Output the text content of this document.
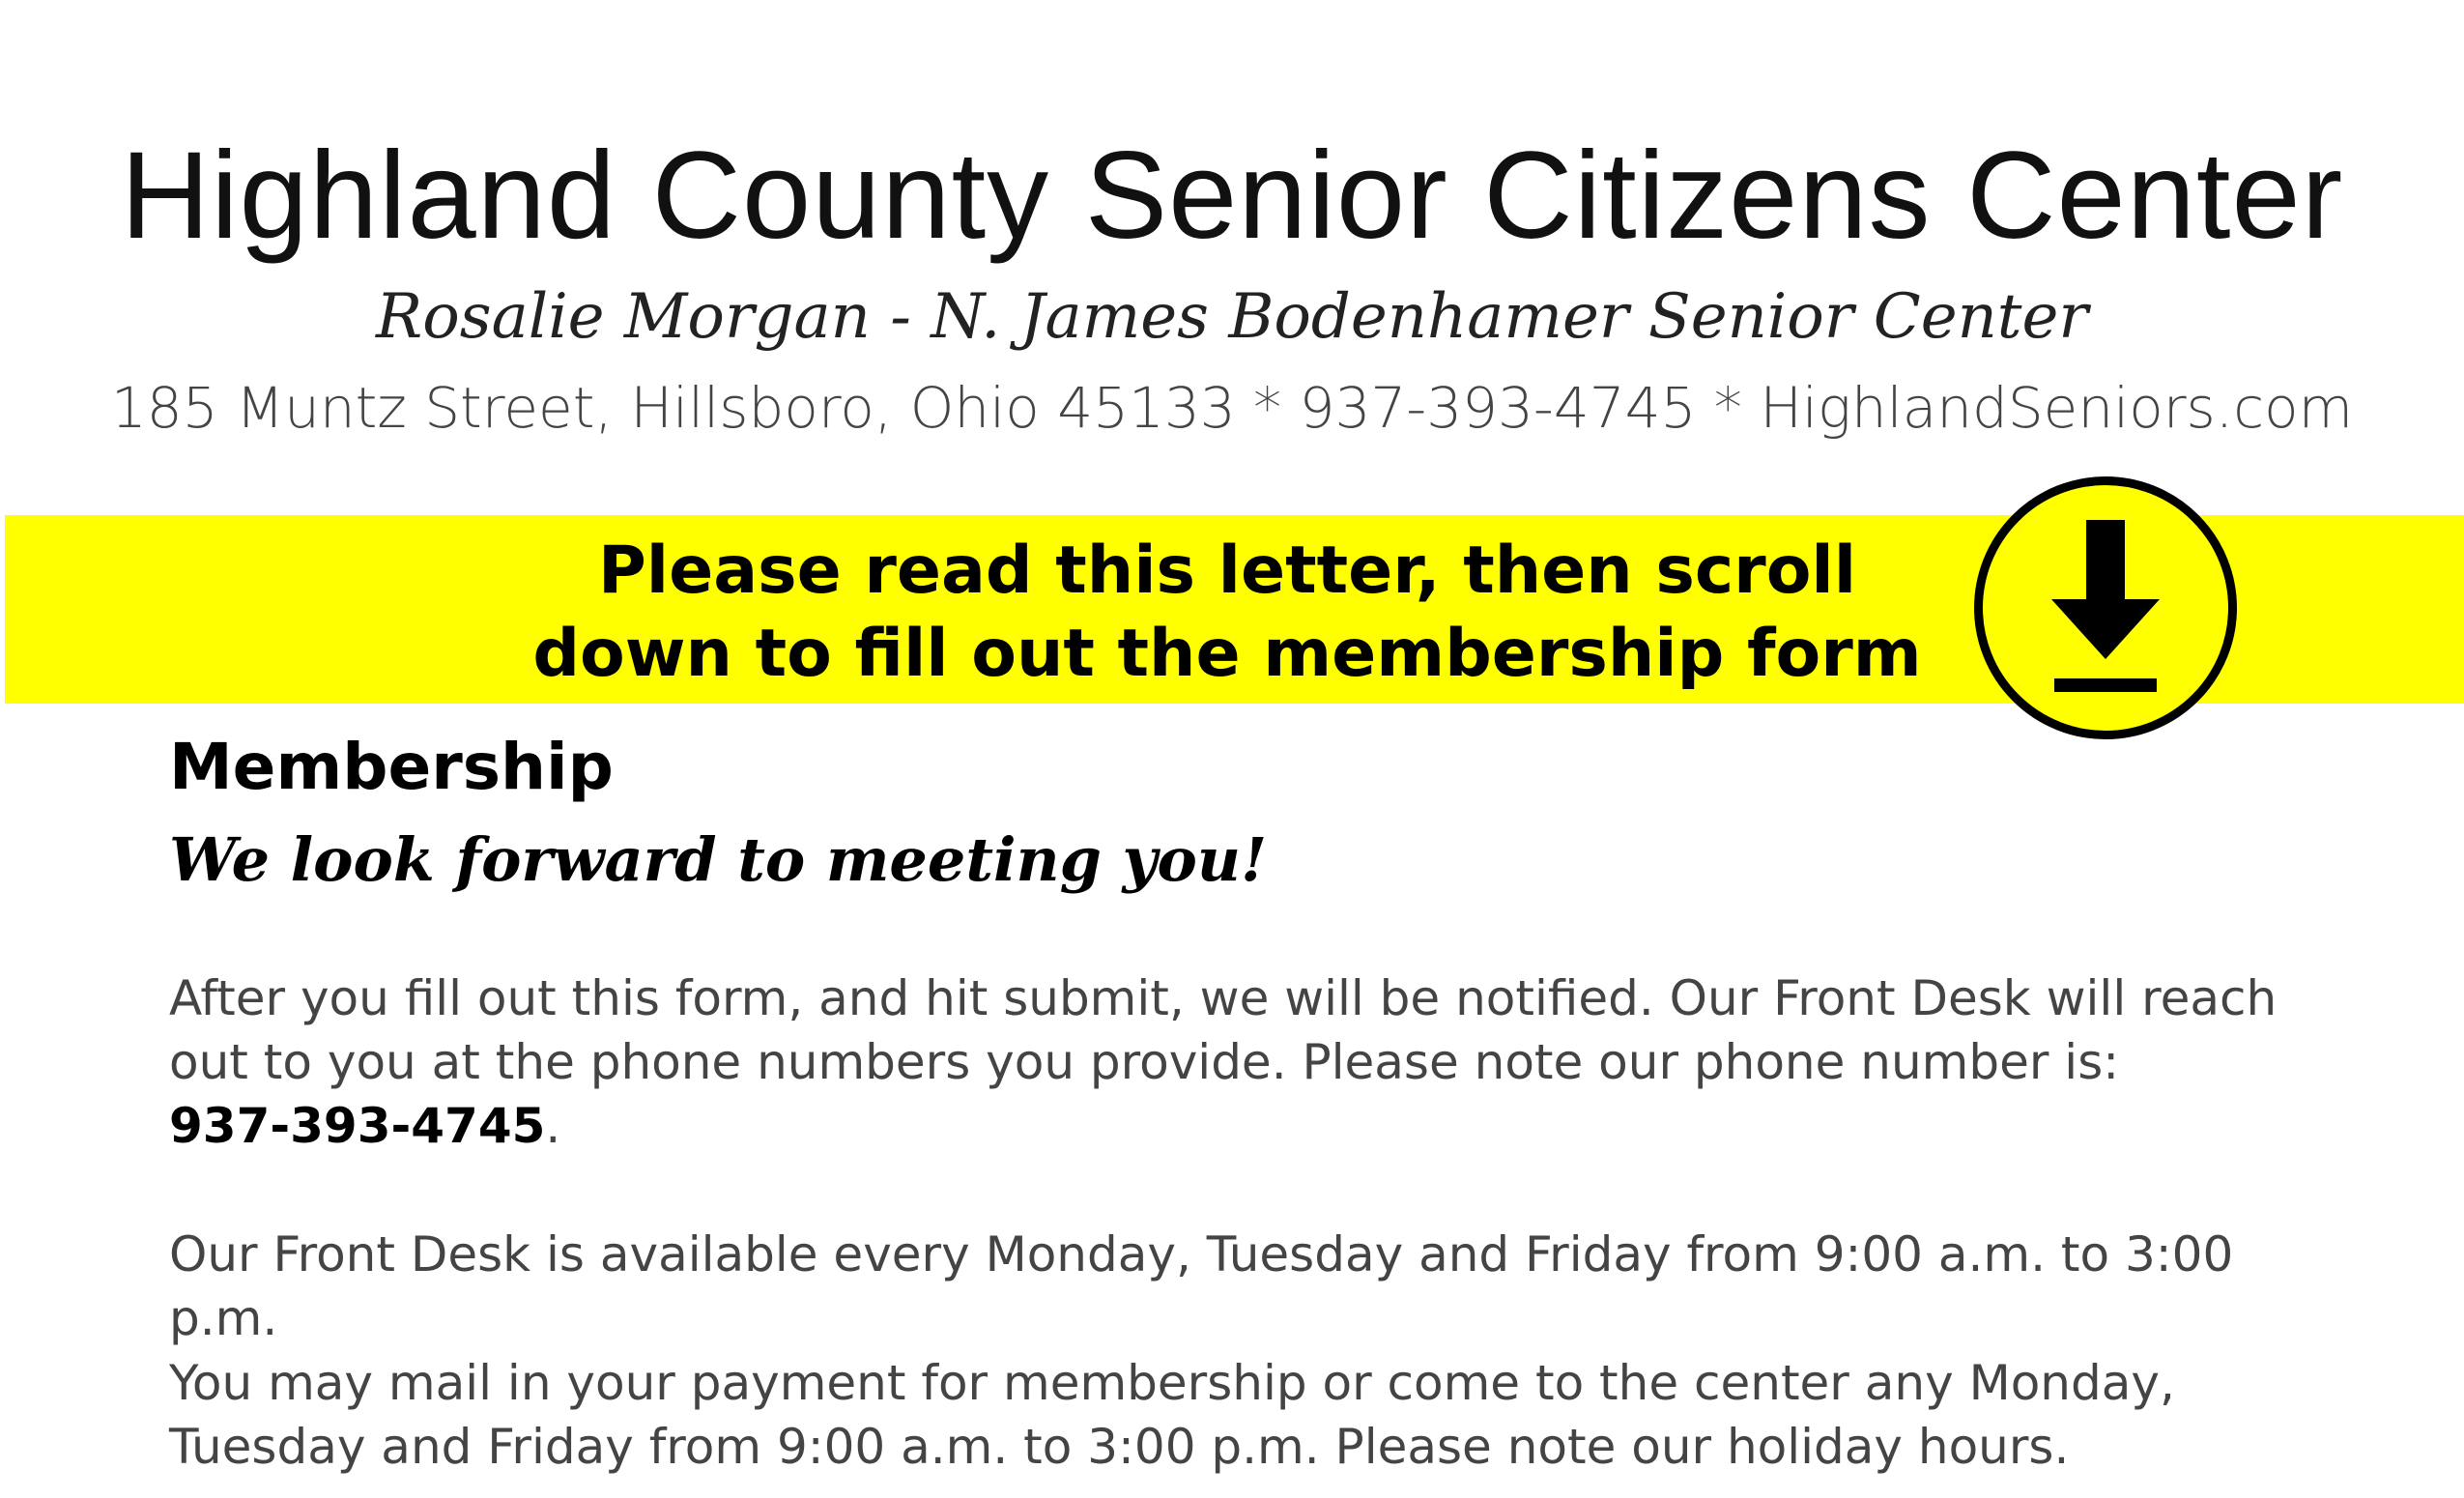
Highland County Senior Citizens Center
Rosalie Morgan - N. James Bodenhamer Senior Center
185 Muntz Street, Hillsboro, Ohio 45133 * 937-393-4745 * HighlandSeniors.com
Please read this letter, then scroll
down to fill out the membership form
Membership
We look forward to meeting you!
After you fill out this form, and hit submit, we will be notified. Our Front Desk will reach
out to you at the phone numbers you provide. Please note our phone number is:
937-393-4745.
Our Front Desk is available every Monday, Tuesday and Friday from 9:00 a.m. to 3:00 p.m.
You may mail in your payment for membership or come to the center any Monday,
Tuesday and Friday from 9:00 a.m. to 3:00 p.m. Please note our holiday hours.
